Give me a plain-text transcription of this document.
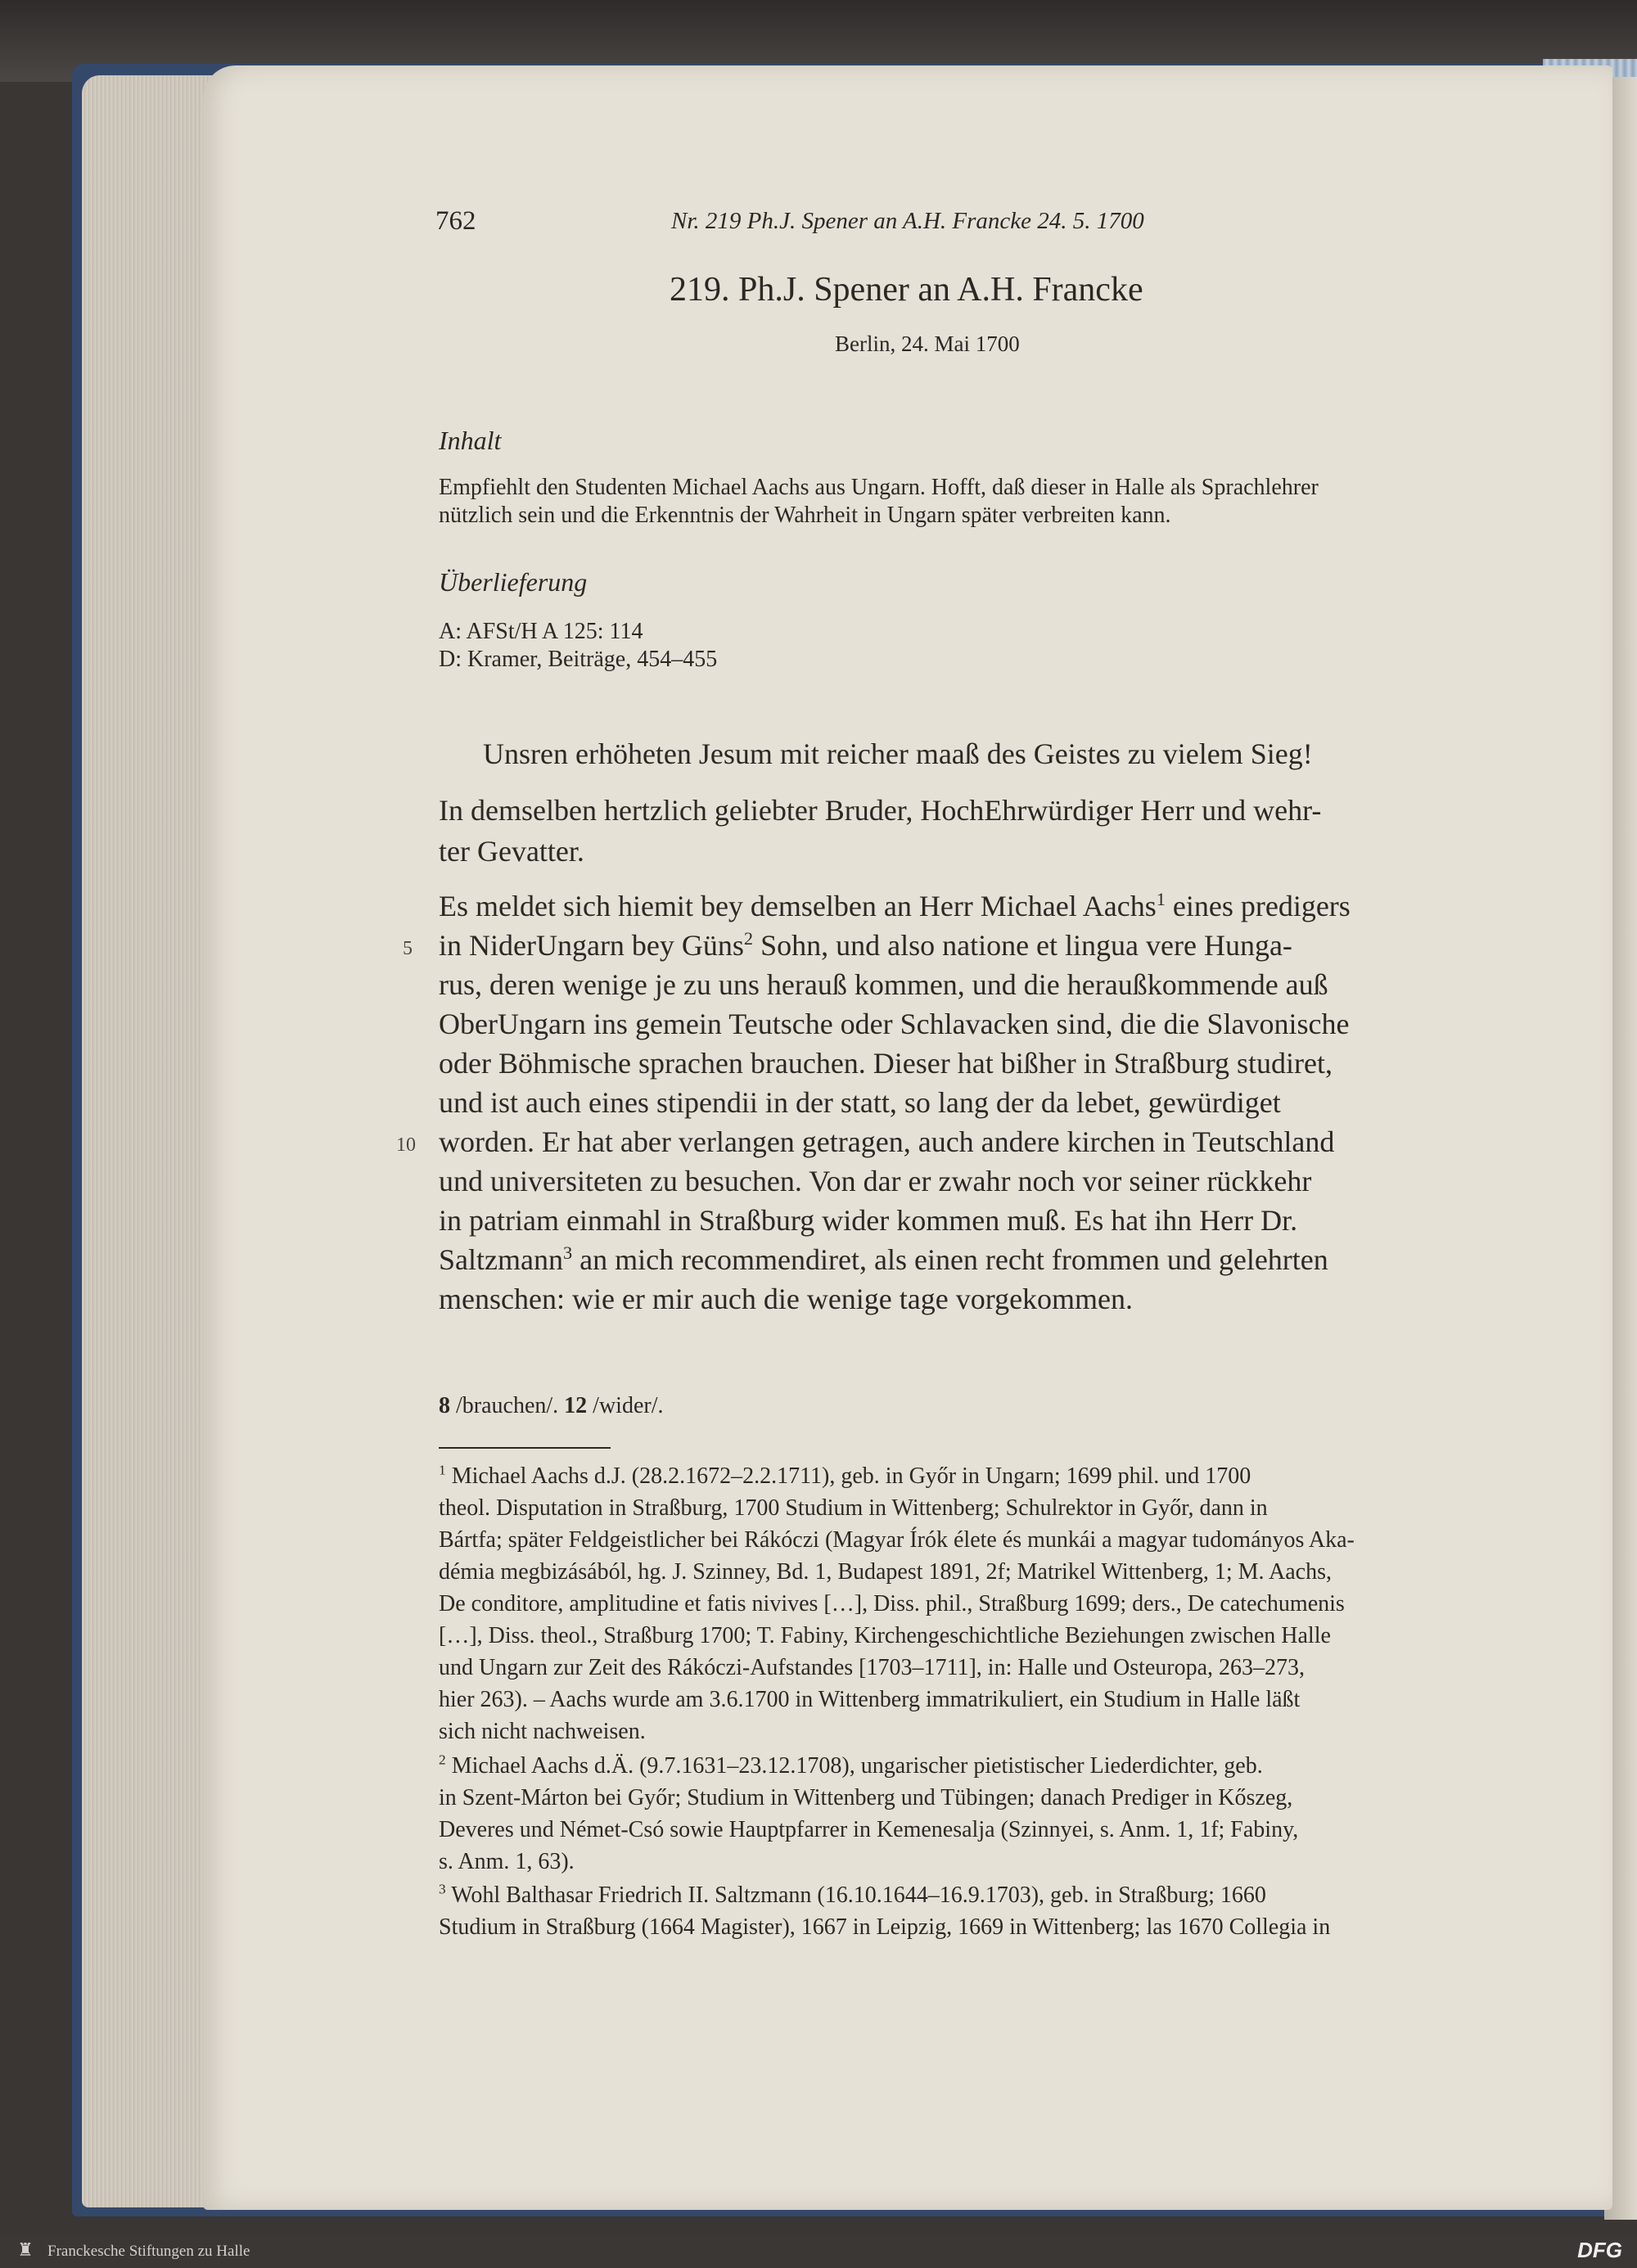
762	Nr. 219 Ph.J. Spener an A.H. Francke 24. 5. 1700
219. Ph.J. Spener an A.H. Francke
Berlin, 24. Mai 1700
Inhalt
Empfiehlt den Studenten Michael Aachs aus Ungarn. Hofft, daß dieser in Halle als Sprachlehrer
nützlich sein und die Erkenntnis der Wahrheit in Ungarn später verbreiten kann.
Überlieferung
A: AFSt/H A 125: 114
D: Kramer, Beiträge, 454–455
Unsren erhöheten Jesum mit reicher maaß des Geistes zu vielem Sieg!
In demselben hertzlich geliebter Bruder, HochEhrwürdiger Herr und wehr-
ter Gevatter.
Es meldet sich hiemit bey demselben an Herr Michael Aachs$^1$ eines predigers
5 in NiderUngarn bey Güns$^2$ Sohn, und also natione et lingua vere Hunga-
rus, deren wenige je zu uns herauß kommen, und die heraußkommende auß
OberUngarn ins gemein Teutsche oder Schlavacken sind, die die Slavonische
oder Böhmische sprachen brauchen. Dieser hat bißher in Straßburg studiret,
und ist auch eines stipendii in der statt, so lang der da lebet, gewürdiget
10 worden. Er hat aber verlangen getragen, auch andere kirchen in Teutschland
und universiteten zu besuchen. Von dar er zwahr noch vor seiner rückkehr
in patriam einmahl in Straßburg wider kommen muß. Es hat ihn Herr Dr.
Saltzmann$^3$ an mich recommendiret, als einen recht frommen und gelehrten
menschen: wie er mir auch die wenige tage vorgekommen.
8 /brauchen/. 12 /wider/.
$^1$ Michael Aachs d.J. (28.2.1672–2.2.1711), geb. in Győr in Ungarn; 1699 phil. und 1700
theol. Disputation in Straßburg, 1700 Studium in Wittenberg; Schulrektor in Győr, dann in
Bártfa; später Feldgeistlicher bei Rákóczi (Magyar Írók élete és munkái a magyar tudományos Aka-
démia megbizásából, hg. J. Szinney, Bd. 1, Budapest 1891, 2f; Matrikel Wittenberg, 1; M. Aachs,
De conditore, amplitudine et fatis nivives […], Diss. phil., Straßburg 1699; ders., De catechumenis
[…], Diss. theol., Straßburg 1700; T. Fabiny, Kirchengeschichtliche Beziehungen zwischen Halle
und Ungarn zur Zeit des Rákóczi-Aufstandes [1703–1711], in: Halle und Osteuropa, 263–273,
hier 263). – Aachs wurde am 3.6.1700 in Wittenberg immatrikuliert, ein Studium in Halle läßt
sich nicht nachweisen.
$^2$ Michael Aachs d.Ä. (9.7.1631–23.12.1708), ungarischer pietistischer Liederdichter, geb.
in Szent-Márton bei Győr; Studium in Wittenberg und Tübingen; danach Prediger in Kőszeg,
Deveres und Német-Csó sowie Hauptpfarrer in Kemenesalja (Szinnyei, s. Anm. 1, 1f; Fabiny,
s. Anm. 1, 63).
$^3$ Wohl Balthasar Friedrich II. Saltzmann (16.10.1644–16.9.1703), geb. in Straßburg; 1660
Studium in Straßburg (1664 Magister), 1667 in Leipzig, 1669 in Wittenberg; las 1670 Collegia in
♜ Franckesche Stiftungen zu Halle	DFG
